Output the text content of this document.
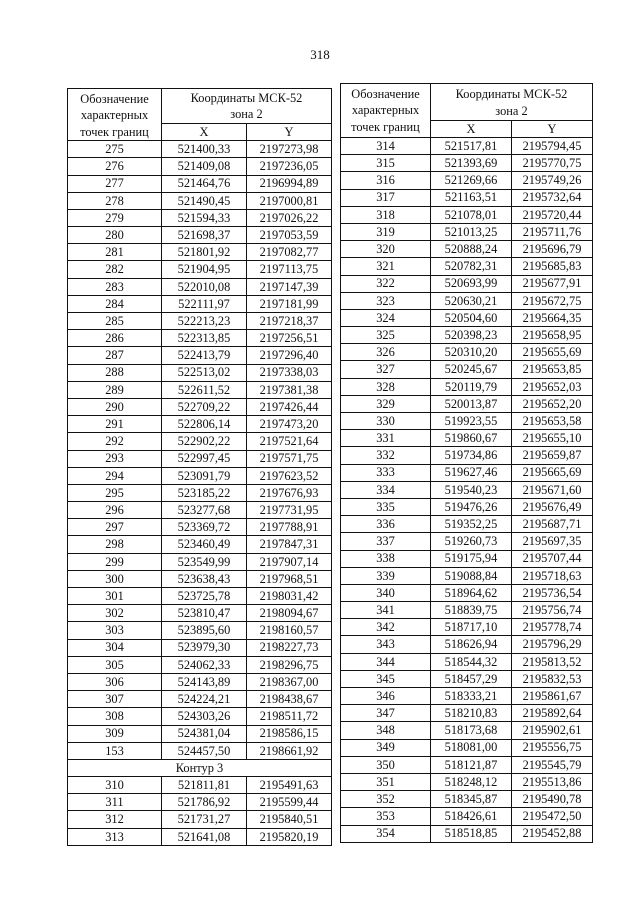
318
Обозначение
характерных
точек границ	Координаты МСК-52
зона 2	
	X	Y
275	521400,33	2197273,98
276	521409,08	2197236,05
277	521464,76	2196994,89
278	521490,45	2197000,81
279	521594,33	2197026,22
280	521698,37	2197053,59
281	521801,92	2197082,77
282	521904,95	2197113,75
283	522010,08	2197147,39
284	522111,97	2197181,99
285	522213,23	2197218,37
286	522313,85	2197256,51
287	522413,79	2197296,40
288	522513,02	2197338,03
289	522611,52	2197381,38
290	522709,22	2197426,44
291	522806,14	2197473,20
292	522902,22	2197521,64
293	522997,45	2197571,75
294	523091,79	2197623,52
295	523185,22	2197676,93
296	523277,68	2197731,95
297	523369,72	2197788,91
298	523460,49	2197847,31
299	523549,99	2197907,14
300	523638,43	2197968,51
301	523725,78	2198031,42
302	523810,47	2198094,67
303	523895,60	2198160,57
304	523979,30	2198227,73
305	524062,33	2198296,75
306	524143,89	2198367,00
307	524224,21	2198438,67
308	524303,26	2198511,72
309	524381,04	2198586,15
153	524457,50	2198661,92
Контур 3		
310	521811,81	2195491,63
311	521786,92	2195599,44
312	521731,27	2195840,51
313	521641,08	2195820,19
Обозначение
характерных
точек границ	Координаты МСК-52
зона 2	
	X	Y
314	521517,81	2195794,45
315	521393,69	2195770,75
316	521269,66	2195749,26
317	521163,51	2195732,64
318	521078,01	2195720,44
319	521013,25	2195711,76
320	520888,24	2195696,79
321	520782,31	2195685,83
322	520693,99	2195677,91
323	520630,21	2195672,75
324	520504,60	2195664,35
325	520398,23	2195658,95
326	520310,20	2195655,69
327	520245,67	2195653,85
328	520119,79	2195652,03
329	520013,87	2195652,20
330	519923,55	2195653,58
331	519860,67	2195655,10
332	519734,86	2195659,87
333	519627,46	2195665,69
334	519540,23	2195671,60
335	519476,26	2195676,49
336	519352,25	2195687,71
337	519260,73	2195697,35
338	519175,94	2195707,44
339	519088,84	2195718,63
340	518964,62	2195736,54
341	518839,75	2195756,74
342	518717,10	2195778,74
343	518626,94	2195796,29
344	518544,32	2195813,52
345	518457,29	2195832,53
346	518333,21	2195861,67
347	518210,83	2195892,64
348	518173,68	2195902,61
349	518081,00	2195556,75
350	518121,87	2195545,79
351	518248,12	2195513,86
352	518345,87	2195490,78
353	518426,61	2195472,50
354	518518,85	2195452,88
